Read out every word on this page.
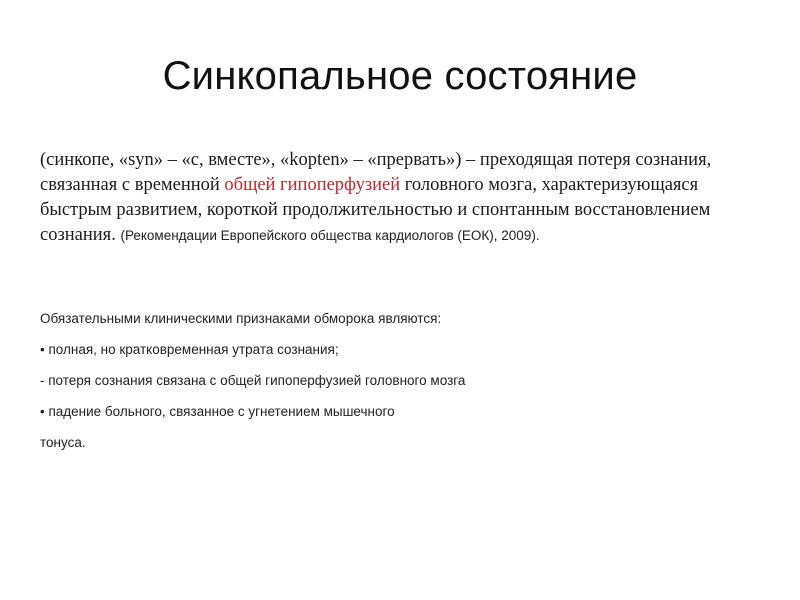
Синкопальное состояние
(синкопе, «syn» – «с, вместе», «kopten» – «прервать») – преходящая потеря сознания, связанная с временной общей гипоперфузией головного мозга, характеризующаяся быстрым развитием, короткой продолжительностью и спонтанным восстановлением сознания. (Рекомендации Европейского общества кардиологов (ЕОК), 2009).

Обязательными клиническими признаками обморока являются:

• полная, но кратковременная утрата сознания;

- потеря сознания связана с общей гипоперфузией головного мозга

• падение больного, связанное с угнетением мышечного

тонуса.
